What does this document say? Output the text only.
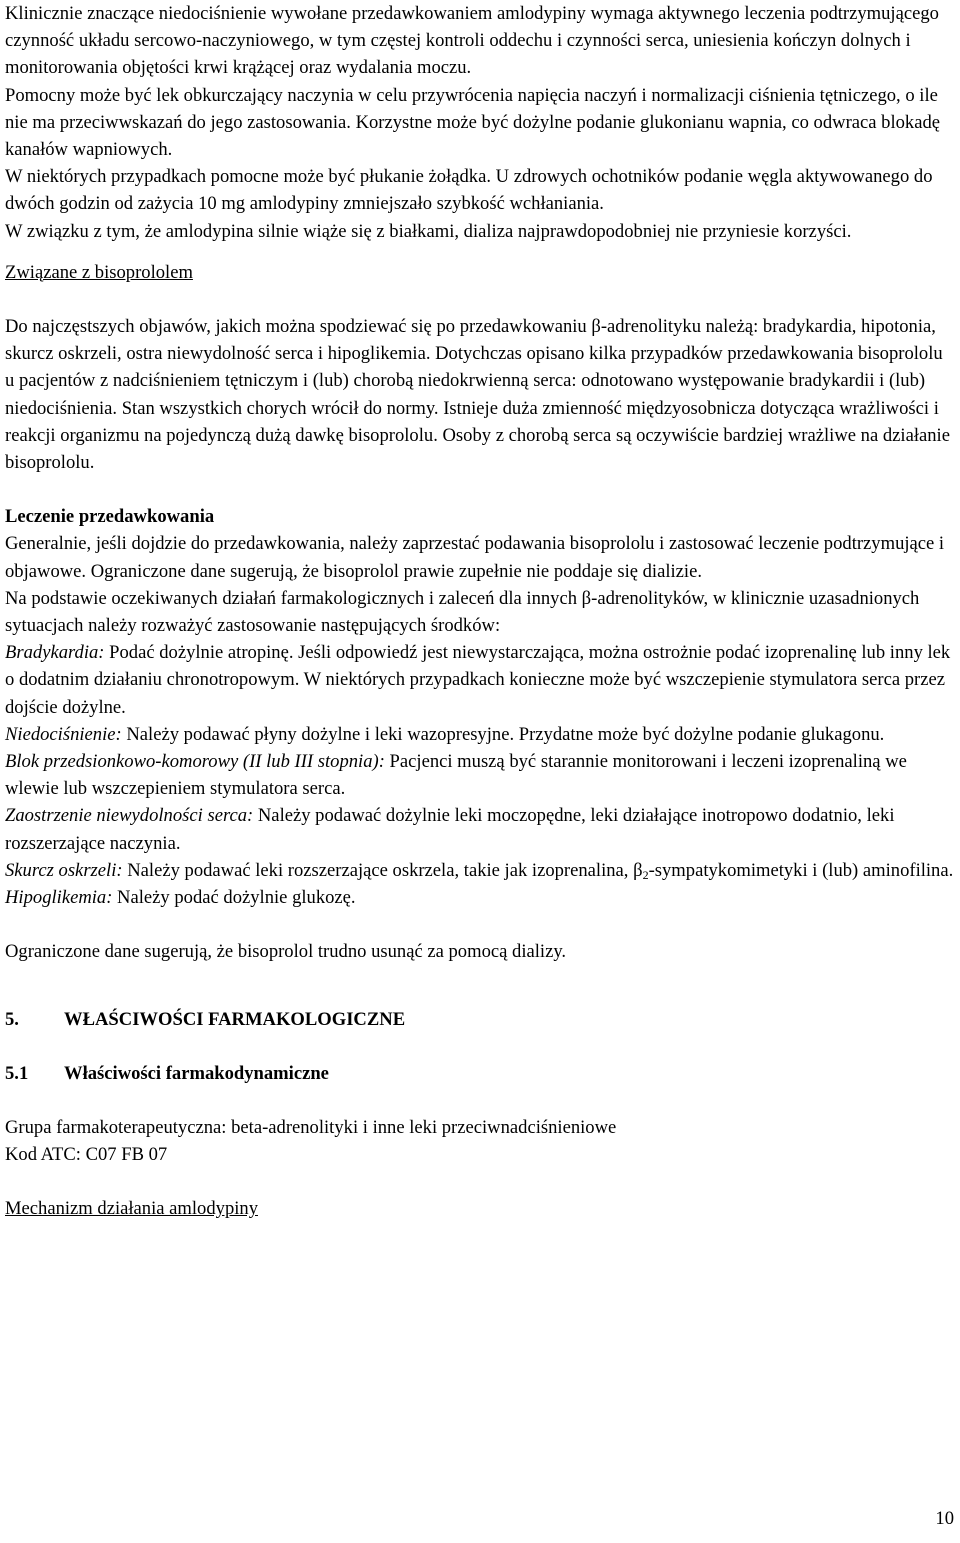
Klinicznie znaczące niedociśnienie wywołane przedawkowaniem amlodypiny wymaga aktywnego leczenia podtrzymującego czynność układu sercowo-naczyniowego, w tym częstej kontroli oddechu i czynności serca, uniesienia kończyn dolnych i monitorowania objętości krwi krążącej oraz wydalania moczu.

Pomocny może być lek obkurczający naczynia w celu przywrócenia napięcia naczyń i normalizacji ciśnienia tętniczego, o ile nie ma przeciwwskazań do jego zastosowania. Korzystne może być dożylne podanie glukonianu wapnia, co odwraca blokadę kanałów wapniowych.

W niektórych przypadkach pomocne może być płukanie żołądka. U zdrowych ochotników podanie węgla aktywowanego do dwóch godzin od zażycia 10 mg amlodypiny zmniejszało szybkość wchłaniania.

W związku z tym, że amlodypina silnie wiąże się z białkami, dializa najprawdopodobniej nie przyniesie korzyści.

Związane z bisoprololem

Do najczęstszych objawów, jakich można spodziewać się po przedawkowaniu β-adrenolityku należą: bradykardia, hipotonia, skurcz oskrzeli, ostra niewydolność serca i hipoglikemia. Dotychczas opisano kilka przypadków przedawkowania bisoprololu u pacjentów z nadciśnieniem tętniczym i (lub) chorobą niedokrwienną serca: odnotowano występowanie bradykardii i (lub) niedociśnienia. Stan wszystkich chorych wrócił do normy. Istnieje duża zmienność międzyosobnicza dotycząca wrażliwości i reakcji organizmu na pojedynczą dużą dawkę bisoprololu. Osoby z chorobą serca są oczywiście bardziej wrażliwe na działanie bisoprololu.

Leczenie przedawkowania

Generalnie, jeśli dojdzie do przedawkowania, należy zaprzestać podawania bisoprololu i zastosować leczenie podtrzymujące i objawowe. Ograniczone dane sugerują, że bisoprolol prawie zupełnie nie poddaje się dializie.

Na podstawie oczekiwanych działań farmakologicznych i zaleceń dla innych β-adrenolityków, w klinicznie uzasadnionych sytuacjach należy rozważyć zastosowanie następujących środków:

Bradykardia: Podać dożylnie atropinę. Jeśli odpowiedź jest niewystarczająca, można ostrożnie podać izoprenalinę lub inny lek o dodatnim działaniu chronotropowym. W niektórych przypadkach konieczne może być wszczepienie stymulatora serca przez dojście dożylne.

Niedociśnienie: Należy podawać płyny dożylne i leki wazopresyjne. Przydatne może być dożylne podanie glukagonu.

Blok przedsionkowo-komorowy (II lub III stopnia): Pacjenci muszą być starannie monitorowani i leczeni izoprenaliną we wlewie lub wszczepieniem stymulatora serca.

Zaostrzenie niewydolności serca: Należy podawać dożylnie leki moczopędne, leki działające inotropowo dodatnio, leki rozszerzające naczynia.

Skurcz oskrzeli: Należy podawać leki rozszerzające oskrzela, takie jak izoprenalina, $\beta_2$-sympatykomimetyki i (lub) aminofilina.

Hipoglikemia: Należy podać dożylnie glukozę.

Ograniczone dane sugerują, że bisoprolol trudno usunąć za pomocą dializy.

5.	WŁAŚCIWOŚCI FARMAKOLOGICZNE
5.1	Właściwości farmakodynamiczne

Grupa farmakoterapeutyczna: beta-adrenolityki i inne leki przeciwnadciśnieniowe

Kod ATC: C07 FB 07

Mechanizm działania amlodypiny

10
